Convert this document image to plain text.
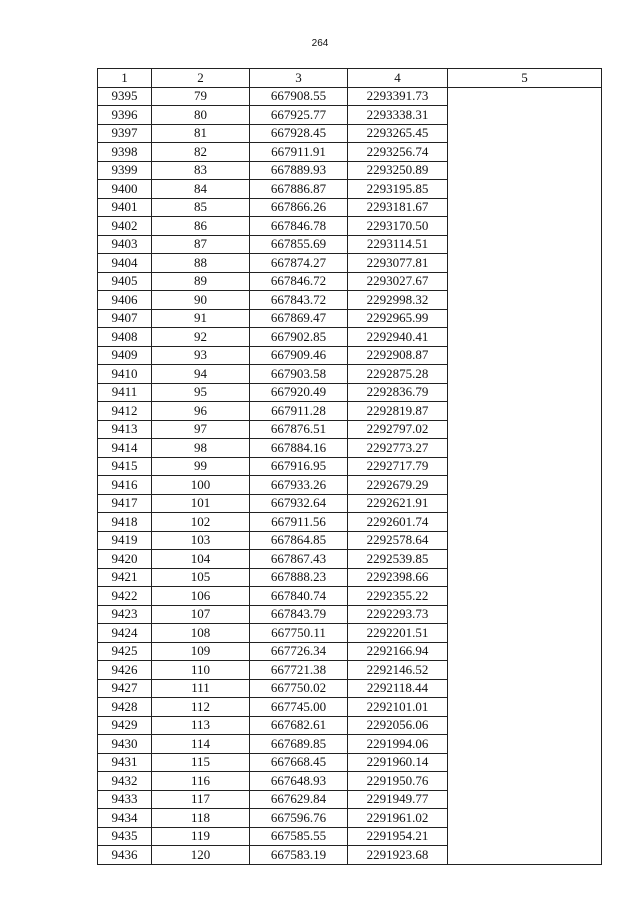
264
1	2	3	4	5
9395	79	667908.55	2293391.73	
9396	80	667925.77	2293338.31	
9397	81	667928.45	2293265.45	
9398	82	667911.91	2293256.74	
9399	83	667889.93	2293250.89	
9400	84	667886.87	2293195.85	
9401	85	667866.26	2293181.67	
9402	86	667846.78	2293170.50	
9403	87	667855.69	2293114.51	
9404	88	667874.27	2293077.81	
9405	89	667846.72	2293027.67	
9406	90	667843.72	2292998.32	
9407	91	667869.47	2292965.99	
9408	92	667902.85	2292940.41	
9409	93	667909.46	2292908.87	
9410	94	667903.58	2292875.28	
9411	95	667920.49	2292836.79	
9412	96	667911.28	2292819.87	
9413	97	667876.51	2292797.02	
9414	98	667884.16	2292773.27	
9415	99	667916.95	2292717.79	
9416	100	667933.26	2292679.29	
9417	101	667932.64	2292621.91	
9418	102	667911.56	2292601.74	
9419	103	667864.85	2292578.64	
9420	104	667867.43	2292539.85	
9421	105	667888.23	2292398.66	
9422	106	667840.74	2292355.22	
9423	107	667843.79	2292293.73	
9424	108	667750.11	2292201.51	
9425	109	667726.34	2292166.94	
9426	110	667721.38	2292146.52	
9427	111	667750.02	2292118.44	
9428	112	667745.00	2292101.01	
9429	113	667682.61	2292056.06	
9430	114	667689.85	2291994.06	
9431	115	667668.45	2291960.14	
9432	116	667648.93	2291950.76	
9433	117	667629.84	2291949.77	
9434	118	667596.76	2291961.02	
9435	119	667585.55	2291954.21	
9436	120	667583.19	2291923.68	
